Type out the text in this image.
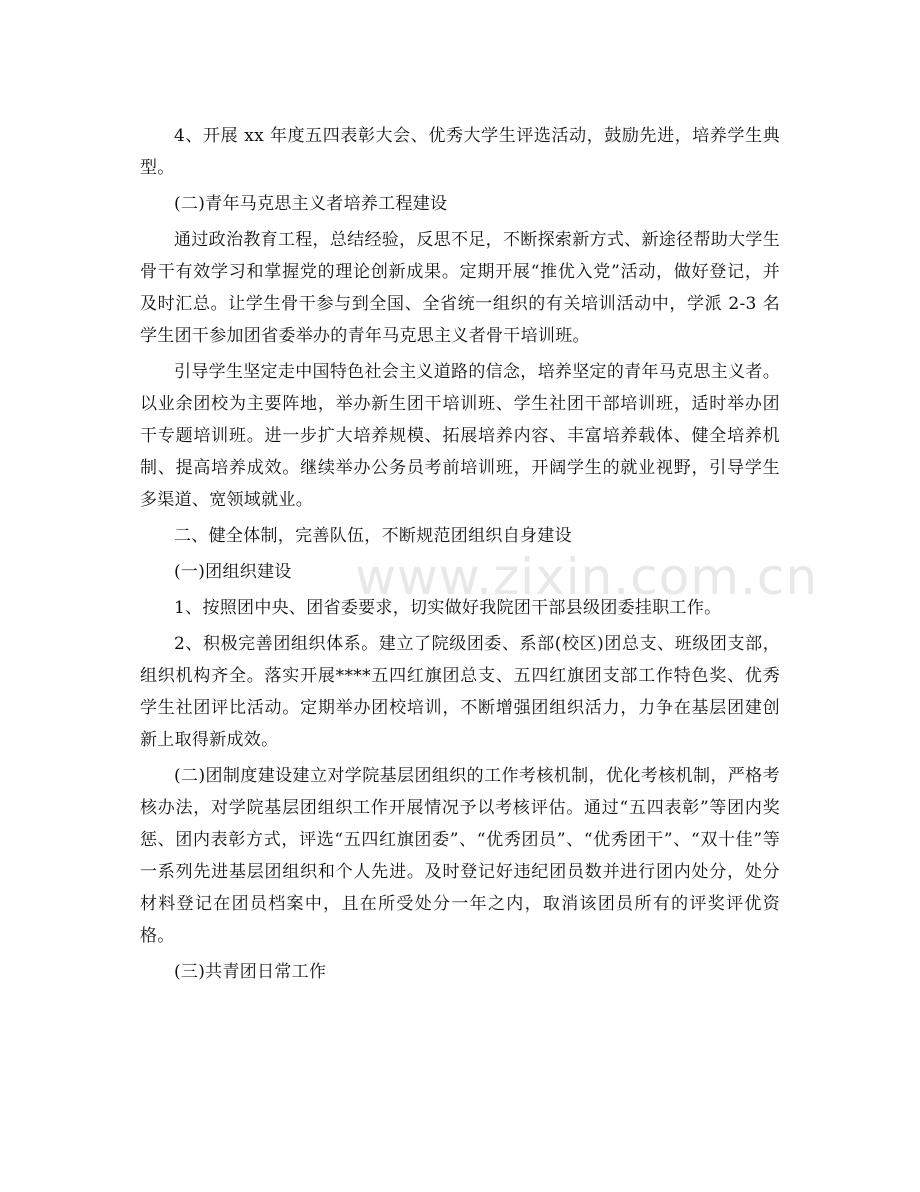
4、开展 xx 年度五四表彰大会、优秀大学生评选活动，鼓励先进，培养学生典型。

(二)青年马克思主义者培养工程建设

通过政治教育工程，总结经验，反思不足，不断探索新方式、新途径帮助大学生骨干有效学习和掌握党的理论创新成果。定期开展“推优入党”活动，做好登记，并及时汇总。让学生骨干参与到全国、全省统一组织的有关培训活动中，学派 2-3 名学生团干参加团省委举办的青年马克思主义者骨干培训班。

引导学生坚定走中国特色社会主义道路的信念，培养坚定的青年马克思主义者。以业余团校为主要阵地，举办新生团干培训班、学生社团干部培训班，适时举办团干专题培训班。进一步扩大培养规模、拓展培养内容、丰富培养载体、健全培养机制、提高培养成效。继续举办公务员考前培训班，开阔学生的就业视野，引导学生多渠道、宽领域就业。

二、健全体制，完善队伍，不断规范团组织自身建设

(一)团组织建设

1、按照团中央、团省委要求，切实做好我院团干部县级团委挂职工作。

2、积极完善团组织体系。建立了院级团委、系部(校区)团总支、班级团支部，组织机构齐全。落实开展****五四红旗团总支、五四红旗团支部工作特色奖、优秀学生社团评比活动。定期举办团校培训，不断增强团组织活力，力争在基层团建创新上取得新成效。

(二)团制度建设建立对学院基层团组织的工作考核机制，优化考核机制，严格考核办法，对学院基层团组织工作开展情况予以考核评估。通过“五四表彰”等团内奖惩、团内表彰方式，评选“五四红旗团委”、“优秀团员”、“优秀团干”、“双十佳”等一系列先进基层团组织和个人先进。及时登记好违纪团员数并进行团内处分，处分材料登记在团员档案中，且在所受处分一年之内，取消该团员所有的评奖评优资格。

(三)共青团日常工作

www.zixin.com.cn
